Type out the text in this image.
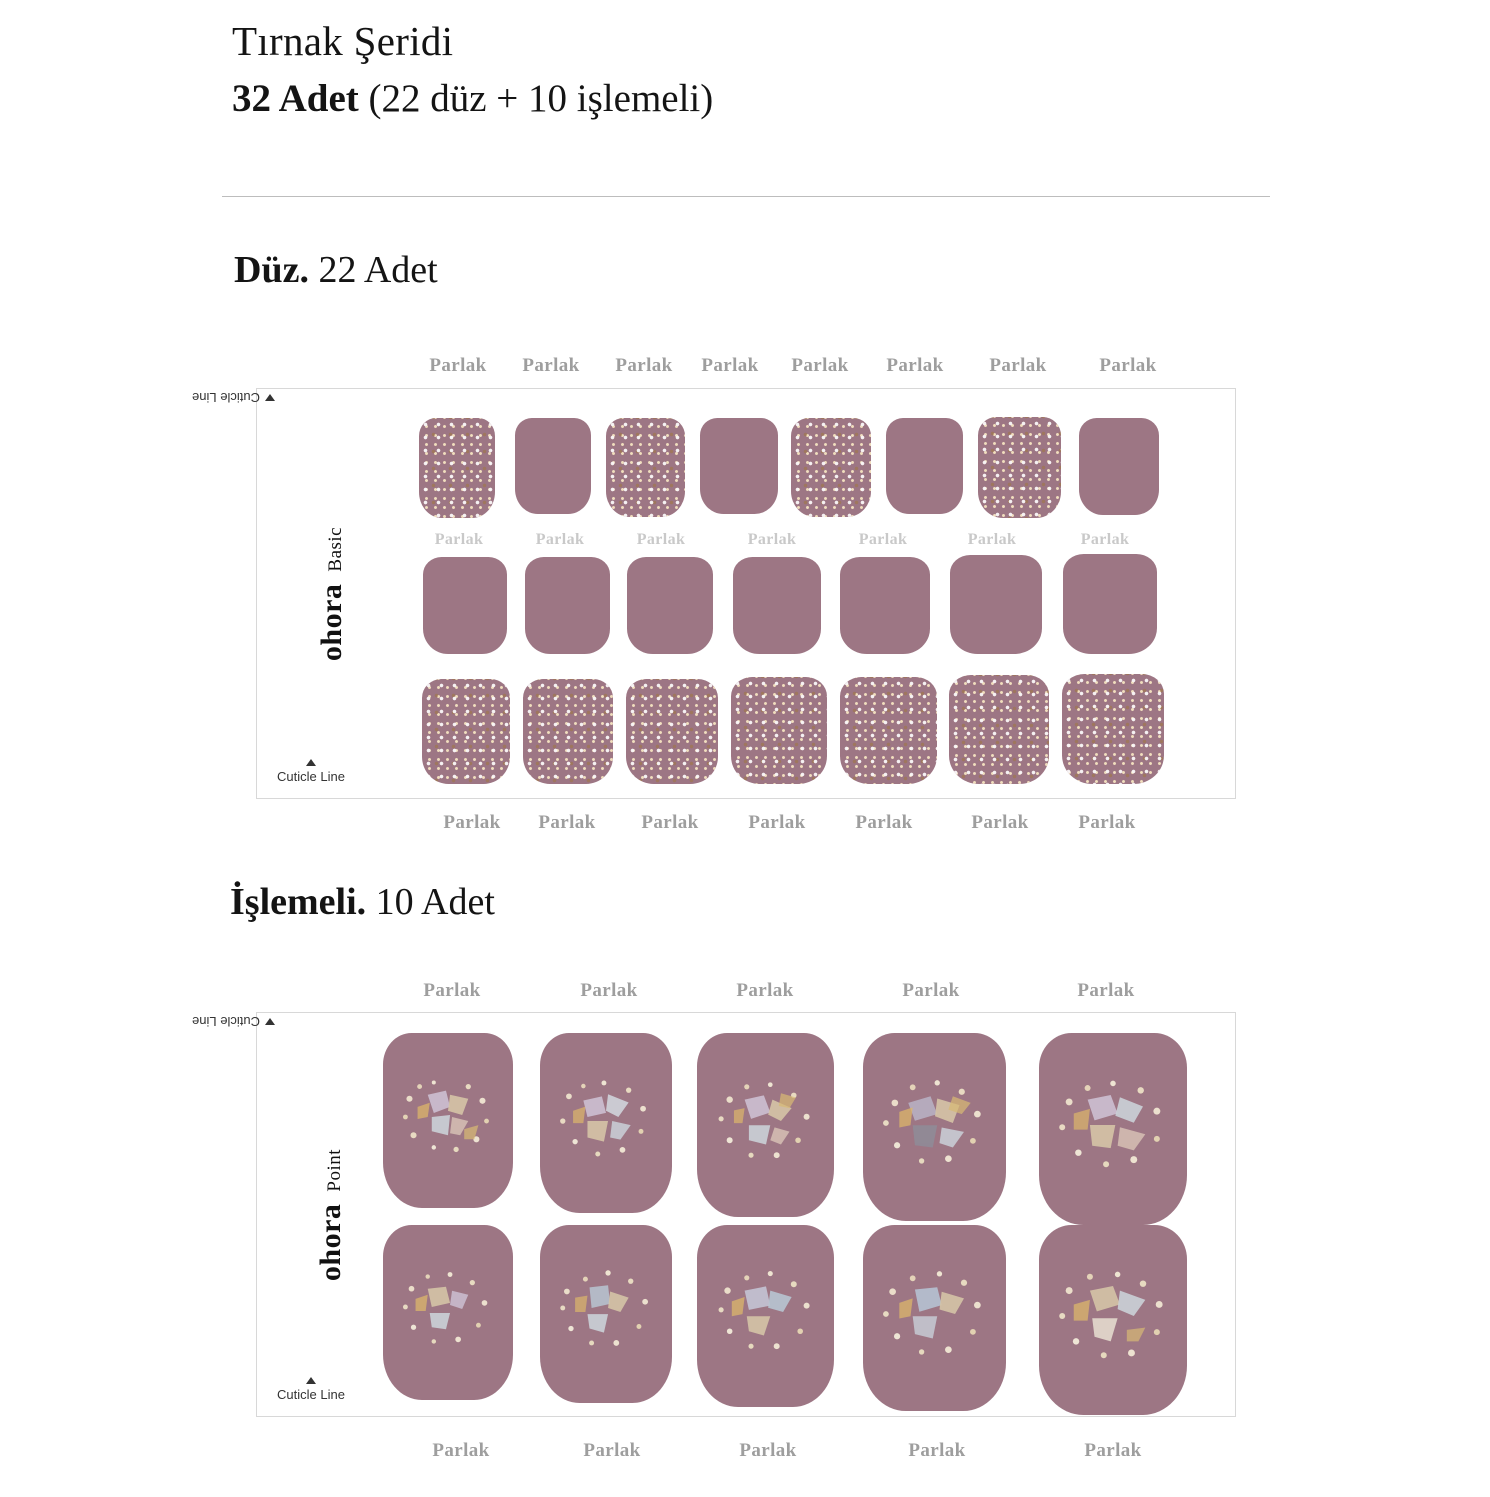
Tırnak Şeridi
32 Adet (22 düz + 10 işlemeli)
Düz. 22 Adet
Parlak Parlak Parlak Parlak Parlak Parlak Parlak	Parlak
ohora
Basic
Cuticle Line
Cuticle Line
Parlak	Parlak	Parlak	Parlak	Parlak	Parlak	Parlak
Parlak Parlak Parlak	Parlak	Parlak	Parlak	Parlak
İşlemeli. 10 Adet
Parlak	Parlak	Parlak	Parlak	Parlak
ohora
Point
Cuticle Line
Cuticle Line
Parlak	Parlak	Parlak	Parlak	Parlak
